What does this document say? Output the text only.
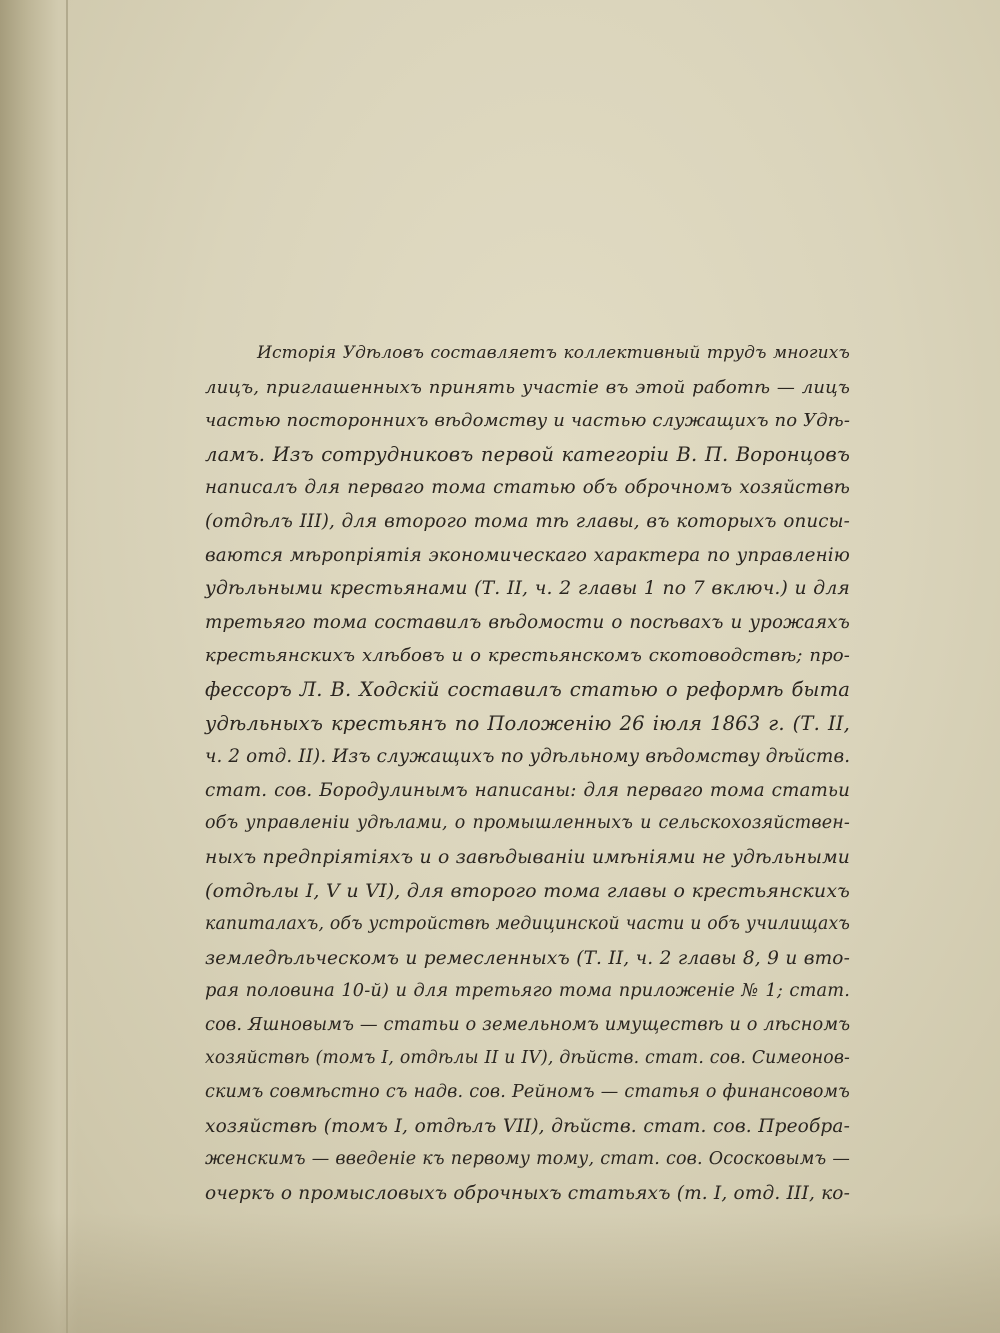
Исторія Удѣловъ составляетъ коллективный трудъ многихъ
лицъ, приглашенныхъ принять участіе въ этой работѣ — лицъ
частью постороннихъ вѣдомству и частью служащихъ по Удѣ-
ламъ. Изъ сотрудниковъ первой категоріи В. П. Воронцовъ
написалъ для перваго тома статью объ оброчномъ хозяйствѣ
(отдѣлъ III), для второго тома тѣ главы, въ которыхъ описы-
ваются мѣропріятія экономическаго характера по управленію
удѣльными крестьянами (Т. II, ч. 2 главы 1 по 7 включ.) и для
третьяго тома составилъ вѣдомости о посѣвахъ и урожаяхъ
крестьянскихъ хлѣбовъ и о крестьянскомъ скотоводствѣ; про-
фессоръ Л. В. Ходскій составилъ статью о реформѣ быта
удѣльныхъ крестьянъ по Положенію 26 іюля 1863 г. (Т. II,
ч. 2 отд. II). Изъ служащихъ по удѣльному вѣдомству дѣйств.
стат. сов. Бородулинымъ написаны: для перваго тома статьи
объ управленіи удѣлами, о промышленныхъ и сельскохозяйствен-
ныхъ предпріятіяхъ и о завѣдываніи имѣніями не удѣльными
(отдѣлы I, V и VI), для второго тома главы о крестьянскихъ
капиталахъ, объ устройствѣ медицинской части и объ училищахъ
земледѣльческомъ и ремесленныхъ (Т. II, ч. 2 главы 8, 9 и вто-
рая половина 10-й) и для третьяго тома приложеніе № 1; стат.
сов. Яшновымъ — статьи о земельномъ имуществѣ и о лѣсномъ
хозяйствѣ (томъ I, отдѣлы II и IV), дѣйств. стат. сов. Симеонов-
скимъ совмѣстно съ надв. сов. Рейномъ — статья о финансовомъ
хозяйствѣ (томъ I, отдѣлъ VII), дѣйств. стат. сов. Преобра-
женскимъ — введеніе къ первому тому, стат. сов. Ососковымъ —
очеркъ о промысловыхъ оброчныхъ статьяхъ (т. I, отд. III, ко-
